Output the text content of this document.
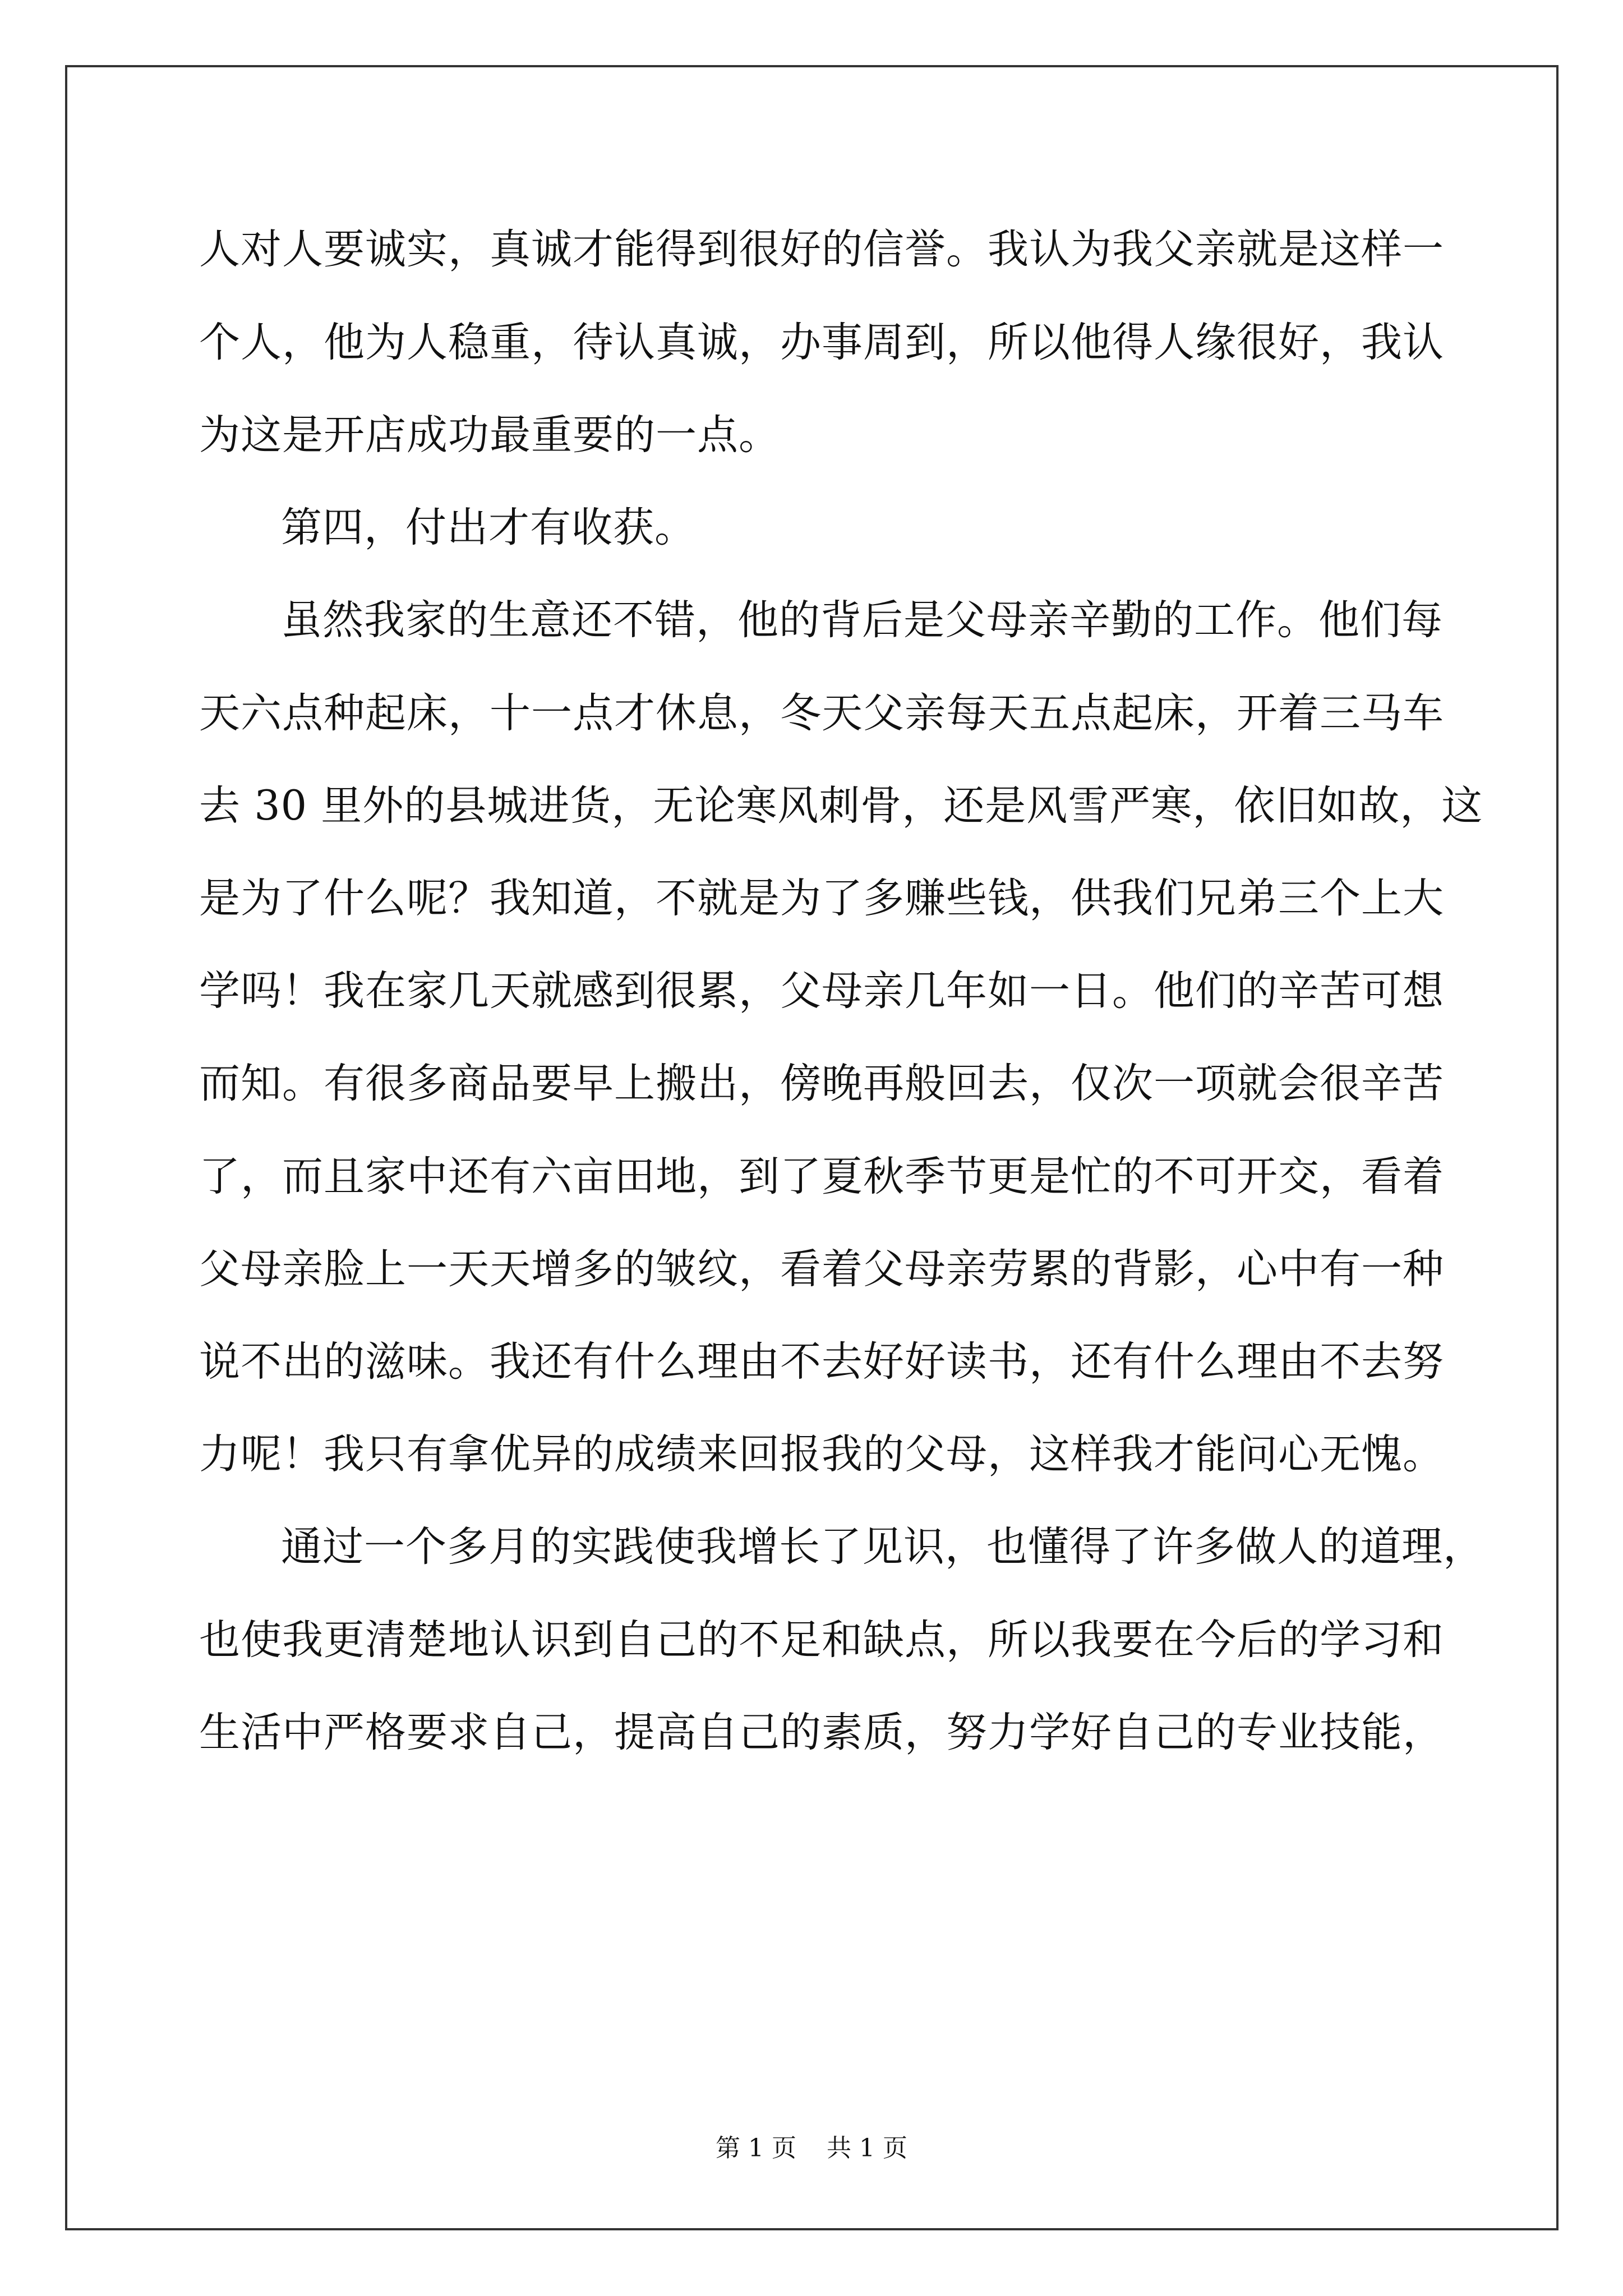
人对人要诚实，真诚才能得到很好的信誉。我认为我父亲就是这样一
个人，他为人稳重，待认真诚，办事周到，所以他得人缘很好，我认
为这是开店成功最重要的一点。
第四，付出才有收获。
虽然我家的生意还不错，他的背后是父母亲辛勤的工作。他们每
天六点种起床，十一点才休息，冬天父亲每天五点起床，开着三马车
去 30 里外的县城进货，无论寒风刺骨，还是风雪严寒，依旧如故，这
是为了什么呢？我知道，不就是为了多赚些钱，供我们兄弟三个上大
学吗！我在家几天就感到很累，父母亲几年如一日。他们的辛苦可想
而知。有很多商品要早上搬出，傍晚再般回去，仅次一项就会很辛苦
了，而且家中还有六亩田地，到了夏秋季节更是忙的不可开交，看着
父母亲脸上一天天增多的皱纹，看着父母亲劳累的背影，心中有一种
说不出的滋味。我还有什么理由不去好好读书，还有什么理由不去努
力呢！我只有拿优异的成绩来回报我的父母，这样我才能问心无愧。
通过一个多月的实践使我增长了见识，也懂得了许多做人的道理，
也使我更清楚地认识到自己的不足和缺点，所以我要在今后的学习和
生活中严格要求自己，提高自己的素质，努力学好自己的专业技能，
第 1 页 共 1 页
